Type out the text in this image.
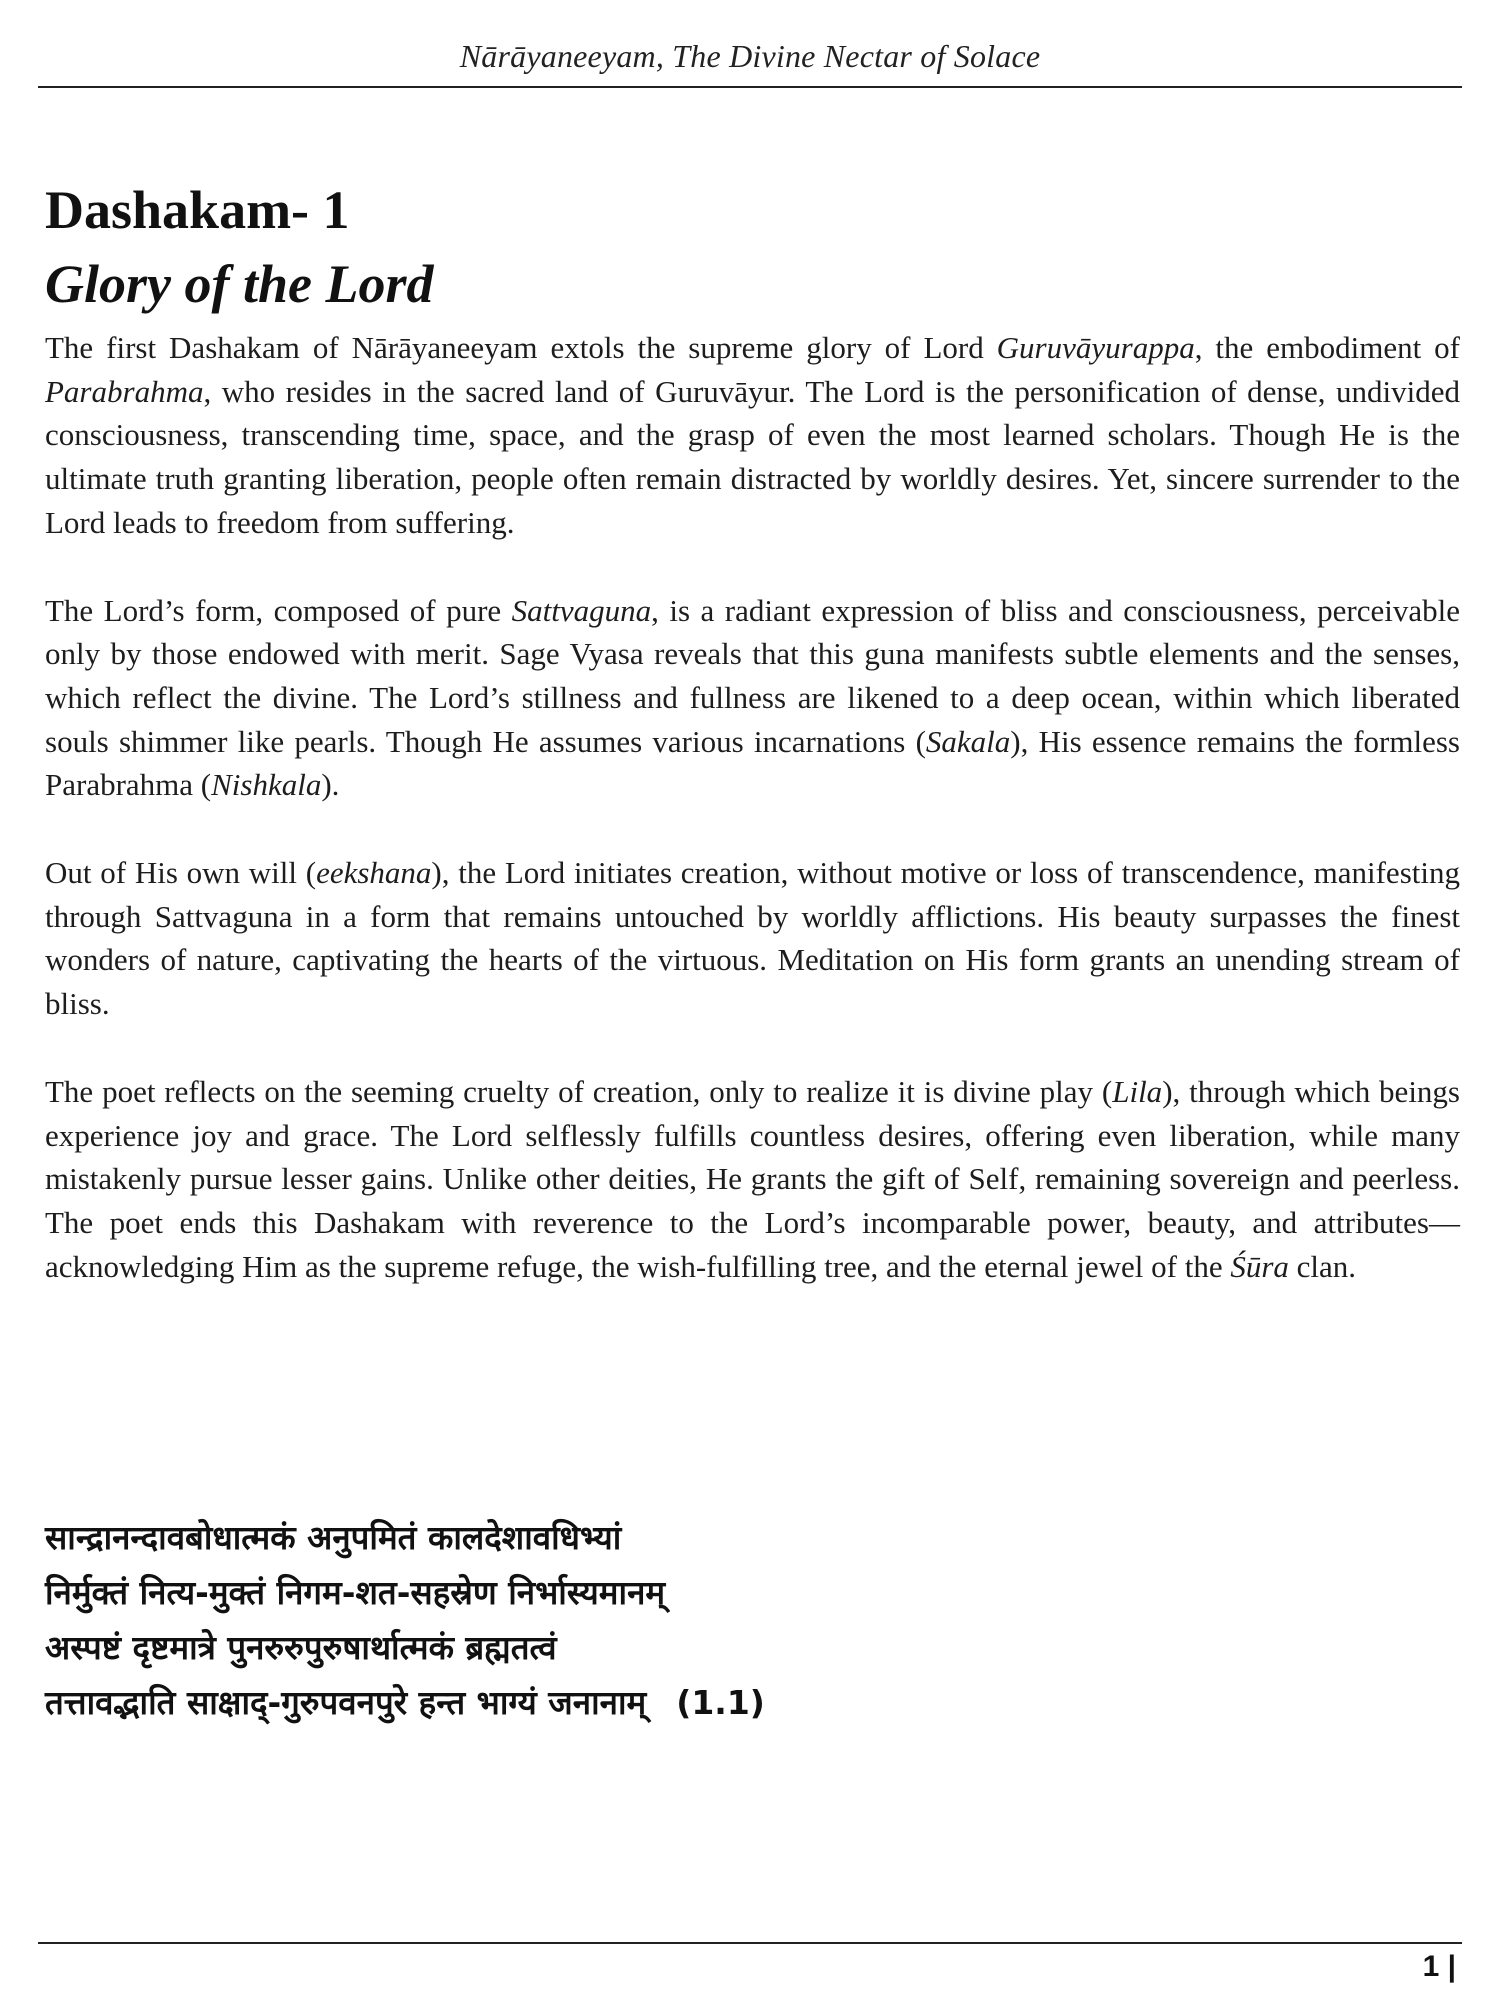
Nārāyaneeyam, The Divine Nectar of Solace
Dashakam- 1
Glory of the Lord

The first Dashakam of Nārāyaneeyam extols the supreme glory of Lord Guruvāyurappa, the embodiment of Parabrahma, who resides in the sacred land of Guruvāyur. The Lord is the personification of dense, undivided consciousness, transcending time, space, and the grasp of even the most learned scholars. Though He is the ultimate truth granting liberation, people often remain distracted by worldly desires. Yet, sincere surrender to the Lord leads to freedom from suffering.

The Lord’s form, composed of pure Sattvaguna, is a radiant expression of bliss and consciousness, perceivable only by those endowed with merit. Sage Vyasa reveals that this guna manifests subtle elements and the senses, which reflect the divine. The Lord’s stillness and fullness are likened to a deep ocean, within which liberated souls shimmer like pearls. Though He assumes various incarnations (Sakala), His essence remains the formless Parabrahma (Nishkala).

Out of His own will (eekshana), the Lord initiates creation, without motive or loss of transcendence, manifesting through Sattvaguna in a form that remains untouched by worldly afflictions. His beauty surpasses the finest wonders of nature, captivating the hearts of the virtuous. Meditation on His form grants an unending stream of bliss.

The poet reflects on the seeming cruelty of creation, only to realize it is divine play (Lila), through which beings experience joy and grace. The Lord selflessly fulfills countless desires, offering even liberation, while many mistakenly pursue lesser gains. Unlike other deities, He grants the gift of Self, remaining sovereign and peerless. The poet ends this Dashakam with reverence to the Lord’s incomparable power, beauty, and attributes—acknowledging Him as the supreme refuge, the wish-fulfilling tree, and the eternal jewel of the Śūra clan.

सान्द्रानन्दावबोधात्मकं अनुपमितं कालदेशावधिभ्यां
निर्मुक्तं नित्य-मुक्तं निगम-शत-सहस्रेण निर्भास्यमानम्
अस्पष्टं दृष्टमात्रे पुनरुरुपुरुषार्थात्मकं ब्रह्मतत्वं
तत्तावद्भाति साक्षाद्-गुरुपवनपुरे हन्त भाग्यं जनानाम् (1.1)
1 |
